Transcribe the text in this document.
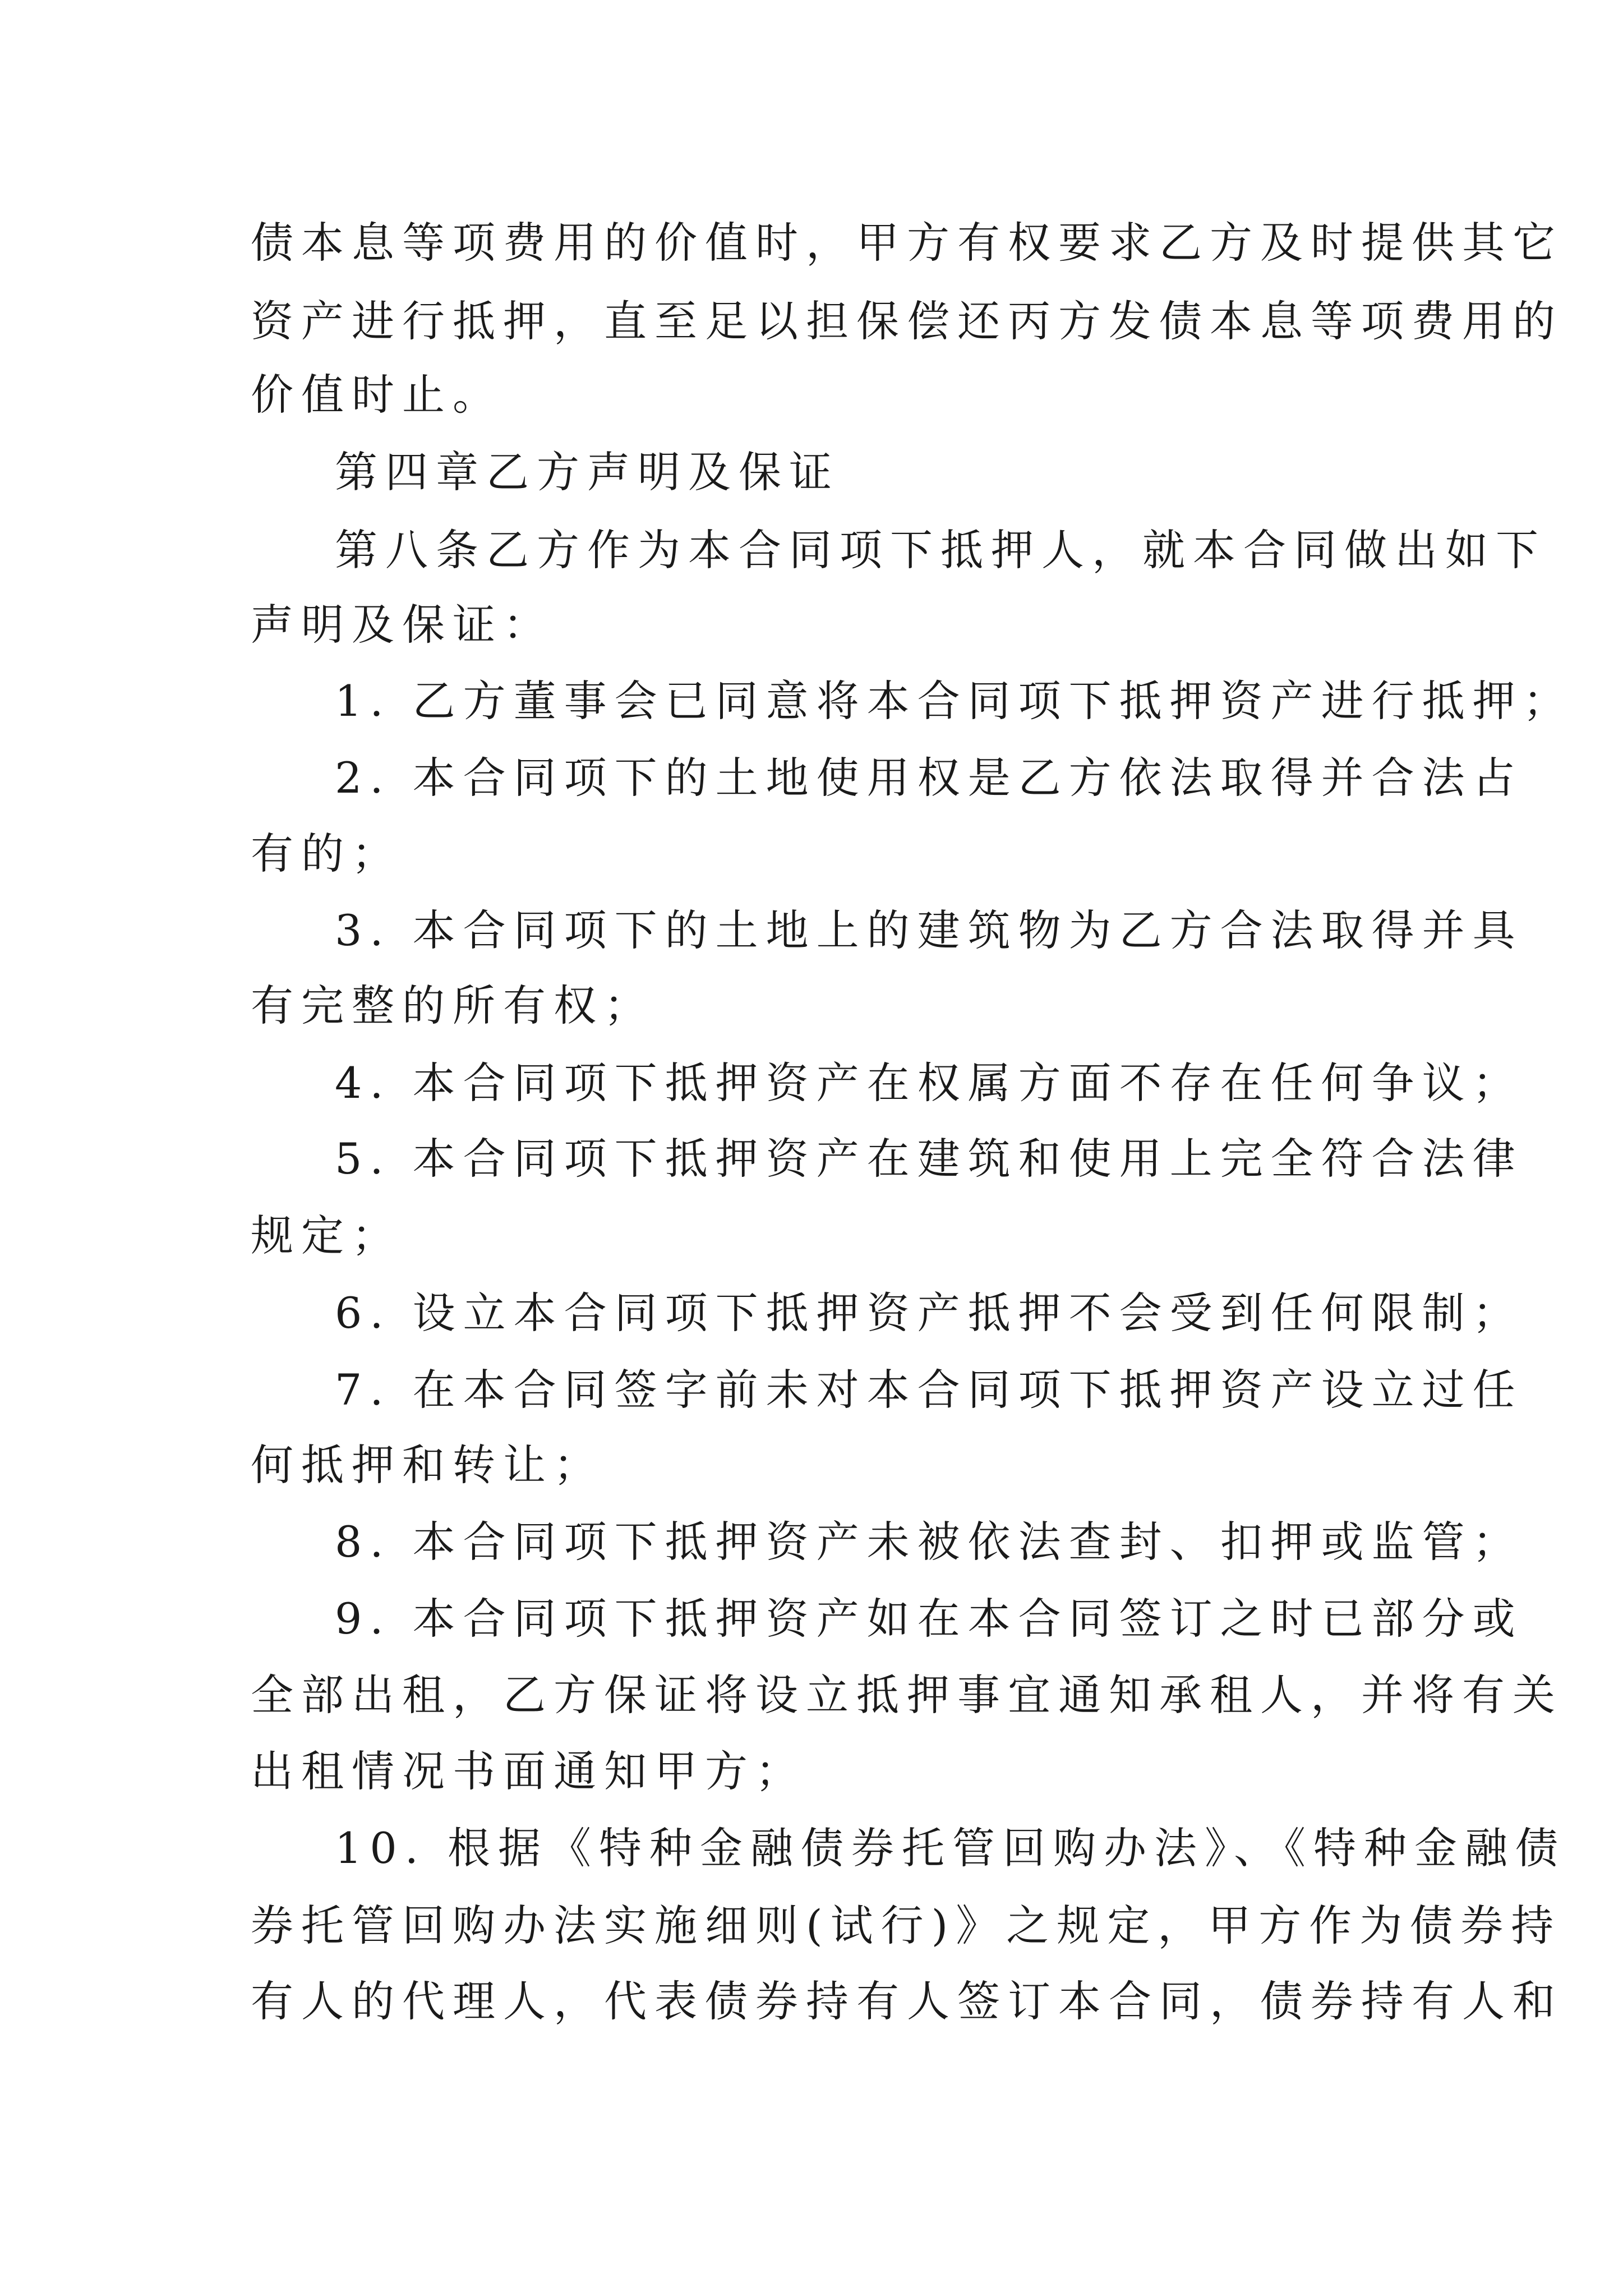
债本息等项费用的价值时，甲方有权要求乙方及时提供其它
资产进行抵押，直至足以担保偿还丙方发债本息等项费用的
价值时止。
第四章乙方声明及保证
第八条乙方作为本合同项下抵押人，就本合同做出如下
声明及保证：
1. 乙方董事会已同意将本合同项下抵押资产进行抵押；
2. 本合同项下的土地使用权是乙方依法取得并合法占
有的；
3. 本合同项下的土地上的建筑物为乙方合法取得并具
有完整的所有权；
4. 本合同项下抵押资产在权属方面不存在任何争议；
5. 本合同项下抵押资产在建筑和使用上完全符合法律
规定；
6. 设立本合同项下抵押资产抵押不会受到任何限制；
7. 在本合同签字前未对本合同项下抵押资产设立过任
何抵押和转让；
8. 本合同项下抵押资产未被依法查封、扣押或监管；
9. 本合同项下抵押资产如在本合同签订之时已部分或
全部出租，乙方保证将设立抵押事宜通知承租人，并将有关
出租情况书面通知甲方；
10. 根据《特种金融债券托管回购办法》、《特种金融债
券托管回购办法实施细则(试行)》之规定，甲方作为债券持
有人的代理人，代表债券持有人签订本合同，债券持有人和
